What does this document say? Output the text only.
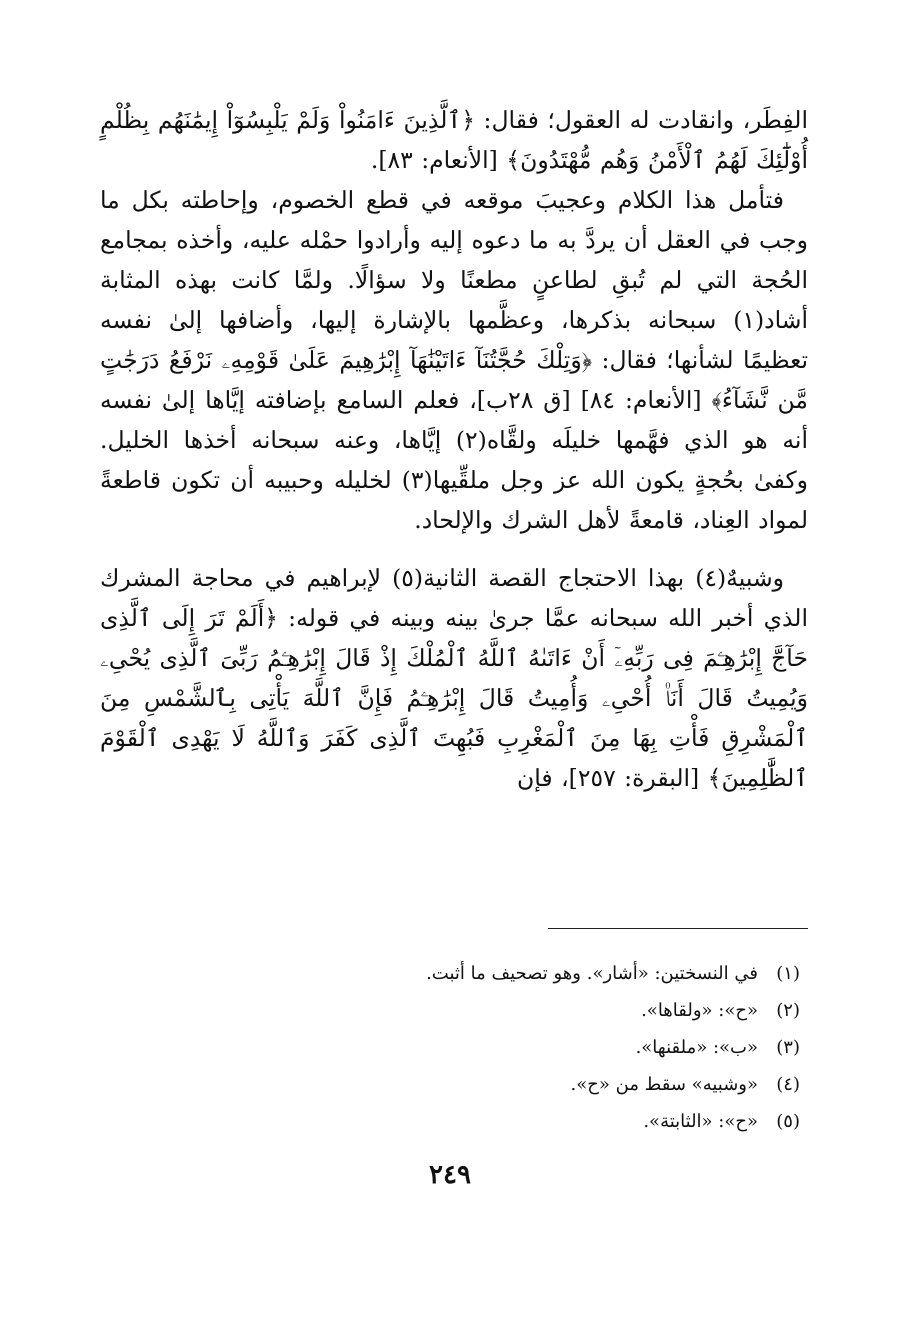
الفِطَر، وانقادت له العقول؛ فقال: ﴿ٱلَّذِينَ ءَامَنُواْ وَلَمْ يَلْبِسُوٓاْ إِيمَٰنَهُم بِظُلْمٍ أُوْلَٰٓئِكَ لَهُمُ ٱلْأَمْنُ وَهُم مُّهْتَدُونَ﴾ [الأنعام: ٨٣].

فتأمل هذا الكلام وعجيبَ موقعه في قطع الخصوم، وإحاطته بكل ما وجب في العقل أن يردَّ به ما دعوه إليه وأرادوا حمْله عليه، وأخذه بمجامع الحُجة التي لم تُبقِ لطاعنٍ مطعنًا ولا سؤالًا. ولمَّا كانت بهذه المثابة أشاد(١) سبحانه بذكرها، وعظَّمها بالإشارة إليها، وأضافها إلىٰ نفسه تعظيمًا لشأنها؛ فقال: ﴿وَتِلْكَ حُجَّتُنَآ ءَاتَيْنَٰهَآ إِبْرَٰهِيمَ عَلَىٰ قَوْمِهِۦ نَرْفَعُ دَرَجَٰتٍ مَّن نَّشَآءُ﴾ [الأنعام: ٨٤] [ق ٢٨ب]، فعلم السامع بإضافته إيَّاها إلىٰ نفسه أنه هو الذي فهَّمها خليلَه ولقَّاه(٢) إيَّاها، وعنه سبحانه أخذها الخليل. وكفىٰ بحُجةٍ يكون الله عز وجل ملقِّيها(٣) لخليله وحبيبه أن تكون قاطعةً لمواد العِناد، قامعةً لأهل الشرك والإلحاد.

وشبيهٌ(٤) بهذا الاحتجاج القصة الثانية(٥) لإبراهيم في محاجة المشرك الذي أخبر الله سبحانه عمَّا جرىٰ بينه وبينه في قوله: ﴿أَلَمْ تَرَ إِلَى ٱلَّذِى حَآجَّ إِبْرَٰهِـۧمَ فِى رَبِّهِۦٓ أَنْ ءَاتَىٰهُ ٱللَّهُ ٱلْمُلْكَ إِذْ قَالَ إِبْرَٰهِـۧمُ رَبِّىَ ٱلَّذِى يُحْىِۦ وَيُمِيتُ قَالَ أَنَا۠ أُحْىِۦ وَأُمِيتُ قَالَ إِبْرَٰهِـۧمُ فَإِنَّ ٱللَّهَ يَأْتِى بِٱلشَّمْسِ مِنَ ٱلْمَشْرِقِ فَأْتِ بِهَا مِنَ ٱلْمَغْرِبِ فَبُهِتَ ٱلَّذِى كَفَرَ وَٱللَّهُ لَا يَهْدِى ٱلْقَوْمَ ٱلظَّٰلِمِينَ﴾ [البقرة: ٢٥٧]، فإن

(١)
في النسختين: «أشار». وهو تصحيف ما أثبت.
(٢)
«ح»: «ولقاها».
(٣)
«ب»: «ملقنها».
(٤)
«وشبيه» سقط من «ح».
(٥)
«ح»: «الثابتة».
٢٤٩
